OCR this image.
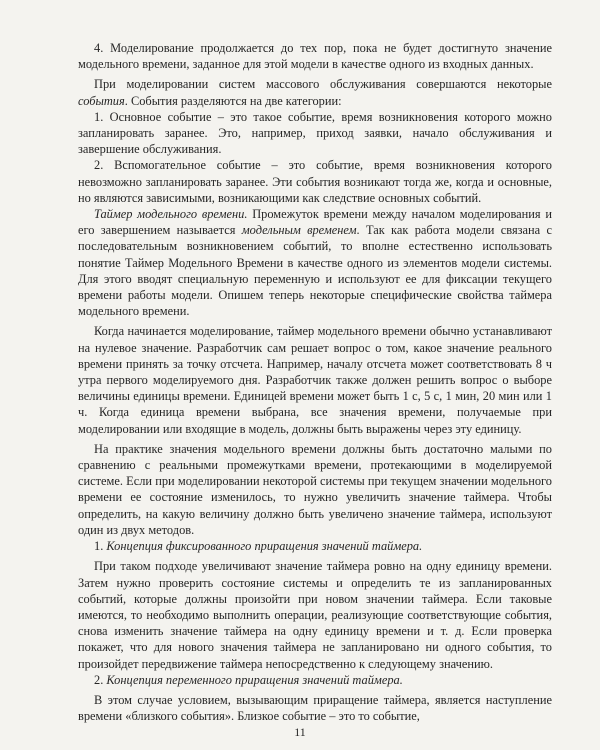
4. Моделирование продолжается до тех пор, пока не будет достигнуто значение модельного времени, заданное для этой модели в качестве одного из входных данных.

При моделировании систем массового обслуживания совершаются некоторые события. События разделяются на две категории:

1. Основное событие – это такое событие, время возникновения которого можно запланировать заранее. Это, например, приход заявки, начало обслуживания и завершение обслуживания.

2. Вспомогательное событие – это событие, время возникновения которого невозможно запланировать заранее. Эти события возникают тогда же, когда и основные, но являются зависимыми, возникающими как следствие основных событий.

Таймер модельного времени. Промежуток времени между началом моделирования и его завершением называется модельным временем. Так как работа модели связана с последовательным возникновением событий, то вполне естественно использовать понятие Таймер Модельного Времени в качестве одного из элементов модели системы. Для этого вводят специальную переменную и используют ее для фиксации текущего времени работы модели. Опишем теперь некоторые специфические свойства таймера модельного времени.

Когда начинается моделирование, таймер модельного времени обычно устанавливают на нулевое значение. Разработчик сам решает вопрос о том, какое значение реального времени принять за точку отсчета. Например, началу отсчета может соответствовать 8 ч утра первого моделируемого дня. Разработчик также должен решить вопрос о выборе величины единицы времени. Единицей времени может быть 1 с, 5 с, 1 мин, 20 мин или 1 ч. Когда единица времени выбрана, все значения времени, получаемые при моделировании или входящие в модель, должны быть выражены через эту единицу.

На практике значения модельного времени должны быть достаточно малыми по сравнению с реальными промежутками времени, протекающими в моделируемой системе. Если при моделировании некоторой системы при текущем значении модельного времени ее состояние изменилось, то нужно увеличить значение таймера. Чтобы определить, на какую величину должно быть увеличено значение таймера, используют один из двух методов.

1. Концепция фиксированного приращения значений таймера.

При таком подходе увеличивают значение таймера ровно на одну единицу времени. Затем нужно проверить состояние системы и определить те из запланированных событий, которые должны произойти при новом значении таймера. Если таковые имеются, то необходимо выполнить операции, реализующие соответствующие события, снова изменить значение таймера на одну единицу времени и т. д. Если проверка покажет, что для нового значения таймера не запланировано ни одного события, то произойдет передвижение таймера непосредственно к следующему значению.

2. Концепция переменного приращения значений таймера.

В этом случае условием, вызывающим приращение таймера, является наступление времени «близкого события». Близкое событие – это то событие,

11
